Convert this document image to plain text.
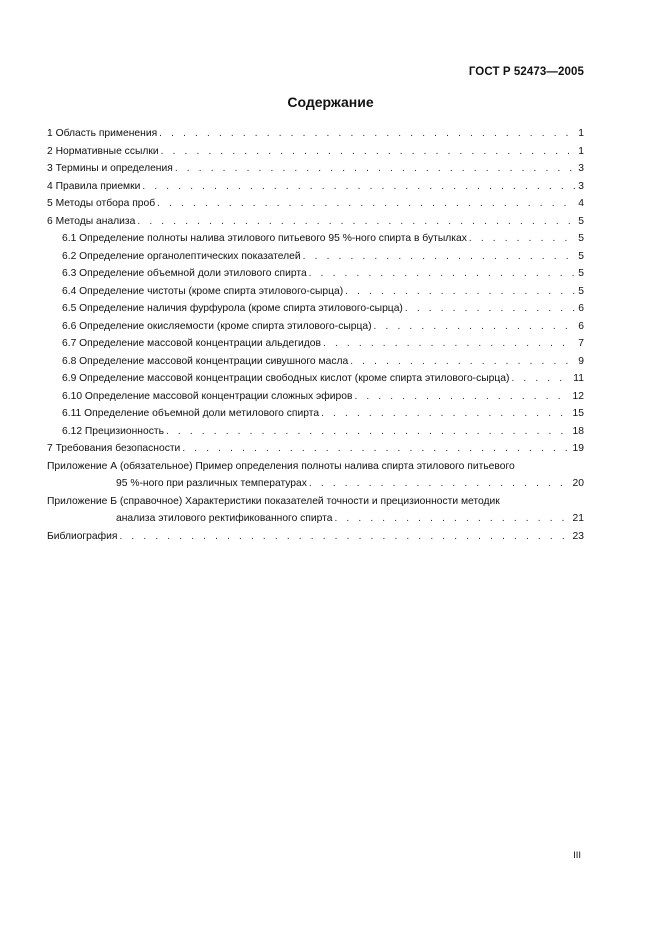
ГОСТ Р 52473—2005
Содержание
1 Область применения . . .	1
2 Нормативные ссылки . . .	1
3 Термины и определения . . .	3
4 Правила приемки . . .	3
5 Методы отбора проб . . .	4
6 Методы анализа . . .	5
6.1 Определение полноты налива этилового питьевого 95 %-ного спирта в бутылках . . .	5
6.2 Определение органолептических показателей . . .	5
6.3 Определение объемной доли этилового спирта . . .	5
6.4 Определение чистоты (кроме спирта этилового-сырца) . . .	5
6.5 Определение наличия фурфурола (кроме спирта этилового-сырца) . . .	6
6.6 Определение окисляемости (кроме спирта этилового-сырца) . . .	6
6.7 Определение массовой концентрации альдегидов . . .	7
6.8 Определение массовой концентрации сивушного масла . . .	9
6.9 Определение массовой концентрации свободных кислот (кроме спирта этилового-сырца) . . .	11
6.10 Определение массовой концентрации сложных эфиров . . .	12
6.11 Определение объемной доли метилового спирта . . .	15
6.12 Прецизионность . . .	18
7 Требования безопасности . . .	19
Приложение А (обязательное) Пример определения полноты налива спирта этилового питьевого
95 %-ного при различных температурах . . .	20
Приложение Б (справочное) Характеристики показателей точности и прецизионности методик
анализа этилового ректификованного спирта . . .	21
Библиография . . .	23
III
